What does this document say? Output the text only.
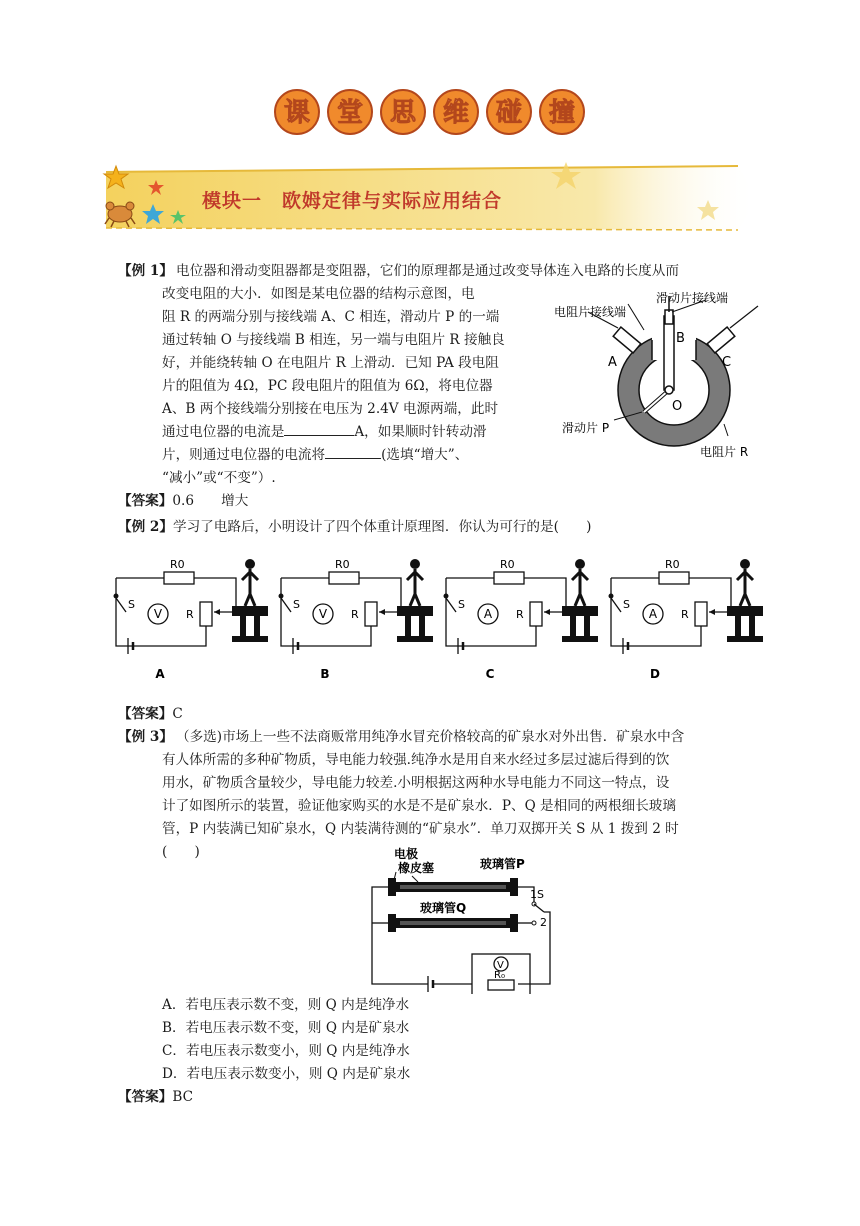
课 堂 思 维 碰 撞
模块一　欧姆定律与实际应用结合
【例 1】 电位器和滑动变阻器都是变阻器，它们的原理都是通过改变导体连入电路的长度从而
改变电阻的大小．如图是某电位器的结构示意图，电
阻 R 的两端分别与接线端 A、C 相连，滑动片 P 的一端
通过转轴 O 与接线端 B 相连，另一端与电阻片 R 接触良
好，并能绕转轴 O 在电阻片 R 上滑动．已知 PA 段电阻
片的阻值为 4Ω，PC 段电阻片的阻值为 6Ω，将电位器
A、B 两个接线端分别接在电压为 2.4V 电源两端，此时
通过电位器的电流是	A，如果顺时针转动滑
片，则通过电位器的电流将	(选填“增大”、
“减小”或“不变”）.
【答案】0.6　　增大
滑动片接线端
电阻片接线端
B
A	C
O
滑动片 P
电阻片 R
【例 2】学习了电路后，小明设计了四个体重计原理图．你认为可行的是(　　)
R0
S
V R
A
R0
S
V R
B
R0
S
A R
C
R0
S
A R
D
【答案】C
【例 3】 （多选)市场上一些不法商贩常用纯净水冒充价格较高的矿泉水对外出售．矿泉水中含
有人体所需的多种矿物质，导电能力较强.纯净水是用自来水经过多层过滤后得到的饮
用水，矿物质含量较少，导电能力较差.小明根据这两种水导电能力不同这一特点，设
计了如图所示的装置，验证他家购买的水是不是矿泉水．P、Q 是相同的两根细长玻璃
管，P 内装满已知矿泉水，Q 内装满待测的“矿泉水”．单刀双掷开关 S 从 1 拨到 2 时
(　　)
V
R₀
电极
橡皮塞	玻璃管P
玻璃管Q
1S
2
A．若电压表示数不变，则 Q 内是纯净水
B．若电压表示数不变，则 Q 内是矿泉水
C．若电压表示数变小，则 Q 内是纯净水
D．若电压表示数变小，则 Q 内是矿泉水
【答案】BC
